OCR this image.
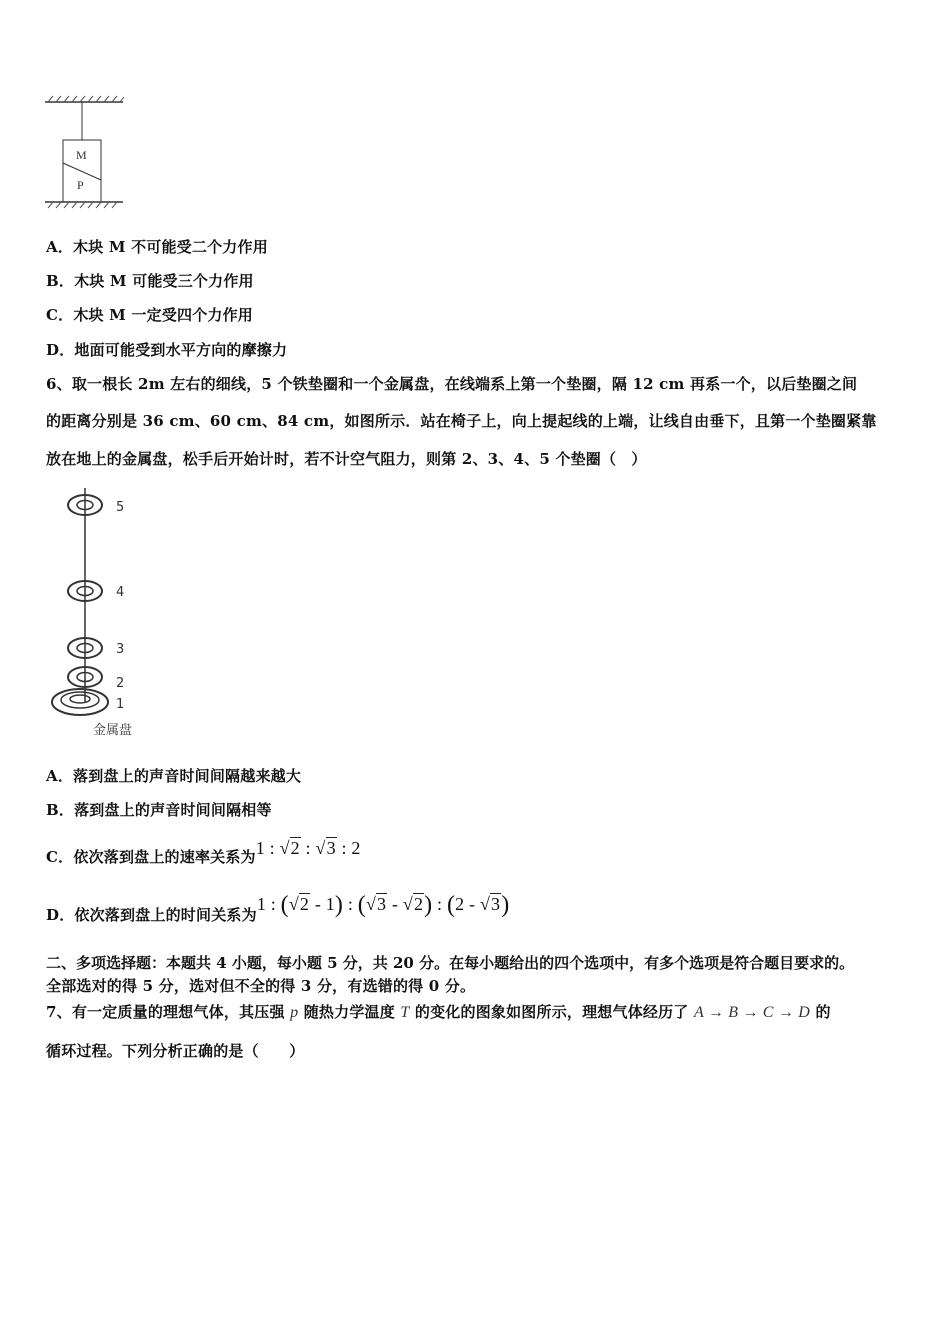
M
P
A．木块 M 不可能受二个力作用
B．木块 M 可能受三个力作用
C．木块 M 一定受四个力作用
D．地面可能受到水平方向的摩擦力
6、取一根长 2m 左右的细线，5 个铁垫圈和一个金属盘，在线端系上第一个垫圈，隔 12 cm 再系一个，以后垫圈之间
的距离分别是 36 cm、60 cm、84 cm，如图所示．站在椅子上，向上提起线的上端，让线自由垂下，且第一个垫圈紧靠
放在地上的金属盘，松手后开始计时，若不计空气阻力，则第 2、3、4、5 个垫圈（　）
5
4
3
2
1
金属盘
A．落到盘上的声音时间间隔越来越大
B．落到盘上的声音时间间隔相等
C．依次落到盘上的速率关系为1 : √2 : √3 : 2
D．依次落到盘上的时间关系为1 : (√2 - 1) : (√3 - √2) : (2 - √3)
二、多项选择题：本题共 4 小题，每小题 5 分，共 20 分。在每小题给出的四个选项中，有多个选项是符合题目要求的。
全部选对的得 5 分，选对但不全的得 3 分，有选错的得 0 分。
7、有一定质量的理想气体，其压强 p 随热力学温度 T 的变化的图象如图所示，理想气体经历了 A → B → C → D 的
循环过程。下列分析正确的是（　　）
